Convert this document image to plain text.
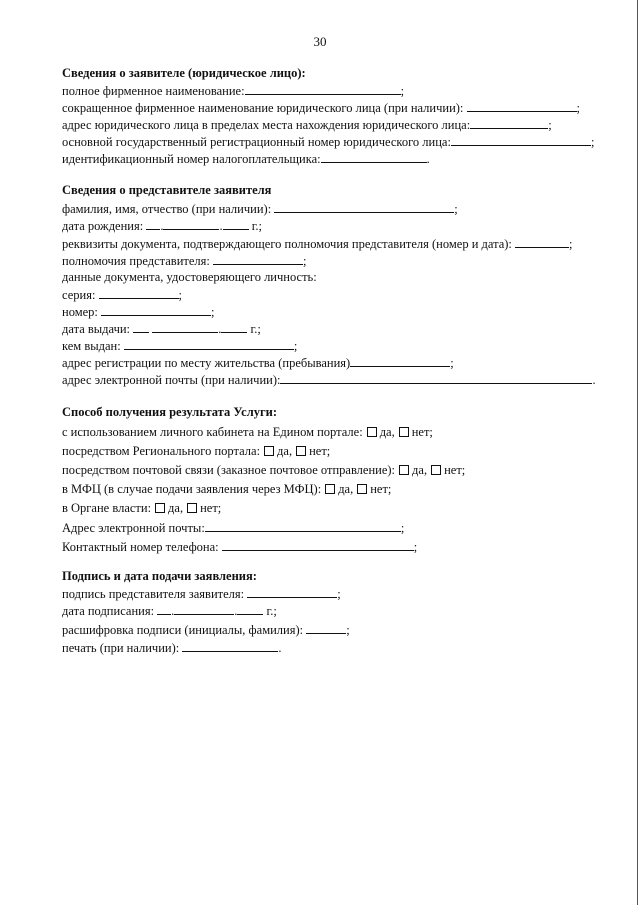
30
Сведения о заявителе (юридическое лицо):
полное фирменное наименование:	;
сокращенное фирменное наименование юридического лица (при наличии):	;
адрес юридического лица в пределах места нахождения юридического лица:	;
основной государственный регистрационный номер юридического лица:	;
идентификационный номер налогоплательщика:	.
Сведения о представителе заявителя
фамилия, имя, отчество (при наличии):	;
дата рождения: .	. г.;
реквизиты документа, подтверждающего полномочия представителя (номер и дата):	;
полномочия представителя:	;
данные документа, удостоверяющего личность:
серия:	;
номер:	;
дата выдачи:	. г.;
кем выдан:	;
адрес регистрации по месту жительства (пребывания)	;
адрес электронной почты (при наличии):	.
Способ получения результата Услуги:
с использованием личного кабинета на Едином портале: да, нет;
посредством Регионального портала: да, нет;
посредством почтовой связи (заказное почтовое отправление): да, нет;
в МФЦ (в случае подачи заявления через МФЦ): да, нет;
в Органе власти: да, нет;
Адрес электронной почты:	;
Контактный номер телефона:	;
Подпись и дата подачи заявления:
подпись представителя заявителя:	;
дата подписания: .	. г.;
расшифровка подписи (инициалы, фамилия):	;
печать (при наличии):	.
